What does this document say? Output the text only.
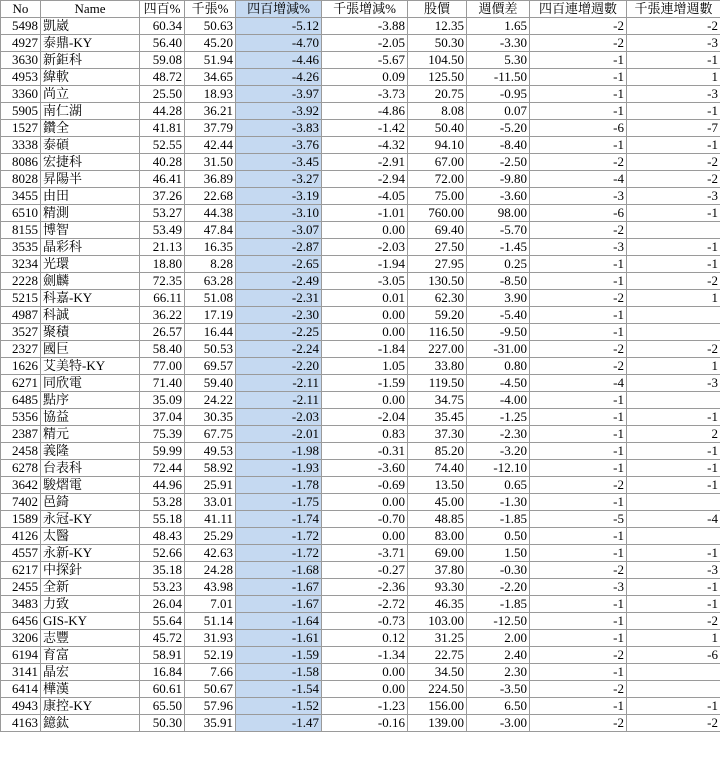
No	Name	四百%	千張%	四百增減%	千張增減%	股價	週價差	四百連增週數	千張連增週數
5498	凱崴	60.34	50.63	-5.12	-3.88	12.35	1.65	-2	-2
4927	泰鼎-KY	56.40	45.20	-4.70	-2.05	50.30	-3.30	-2	-3
3630	新鉅科	59.08	51.94	-4.46	-5.67	104.50	5.30	-1	-1
4953	緯軟	48.72	34.65	-4.26	0.09	125.50	-11.50	-1	1
3360	尚立	25.50	18.93	-3.97	-3.73	20.75	-0.95	-1	-3
5905	南仁湖	44.28	36.21	-3.92	-4.86	8.08	0.07	-1	-1
1527	鑽全	41.81	37.79	-3.83	-1.42	50.40	-5.20	-6	-7
3338	泰碩	52.55	42.44	-3.76	-4.32	94.10	-8.40	-1	-1
8086	宏捷科	40.28	31.50	-3.45	-2.91	67.00	-2.50	-2	-2
8028	昇陽半	46.41	36.89	-3.27	-2.94	72.00	-9.80	-4	-2
3455	由田	37.26	22.68	-3.19	-4.05	75.00	-3.60	-3	-3
6510	精測	53.27	44.38	-3.10	-1.01	760.00	98.00	-6	-1
8155	博智	53.49	47.84	-3.07	0.00	69.40	-5.70	-2	
3535	晶彩科	21.13	16.35	-2.87	-2.03	27.50	-1.45	-3	-1
3234	光環	18.80	8.28	-2.65	-1.94	27.95	0.25	-1	-1
2228	劍麟	72.35	63.28	-2.49	-3.05	130.50	-8.50	-1	-2
5215	科嘉-KY	66.11	51.08	-2.31	0.01	62.30	3.90	-2	1
4987	科誠	36.22	17.19	-2.30	0.00	59.20	-5.40	-1	
3527	聚積	26.57	16.44	-2.25	0.00	116.50	-9.50	-1	
2327	國巨	58.40	50.53	-2.24	-1.84	227.00	-31.00	-2	-2
1626	艾美特-KY	77.00	69.57	-2.20	1.05	33.80	0.80	-2	1
6271	同欣電	71.40	59.40	-2.11	-1.59	119.50	-4.50	-4	-3
6485	點序	35.09	24.22	-2.11	0.00	34.75	-4.00	-1	
5356	協益	37.04	30.35	-2.03	-2.04	35.45	-1.25	-1	-1
2387	精元	75.39	67.75	-2.01	0.83	37.30	-2.30	-1	2
2458	義隆	59.99	49.53	-1.98	-0.31	85.20	-3.20	-1	-1
6278	台表科	72.44	58.92	-1.93	-3.60	74.40	-12.10	-1	-1
3642	駿熠電	44.96	25.91	-1.78	-0.69	13.50	0.65	-2	-1
7402	邑錡	53.28	33.01	-1.75	0.00	45.00	-1.30	-1	
1589	永冠-KY	55.18	41.11	-1.74	-0.70	48.85	-1.85	-5	-4
4126	太醫	48.43	25.29	-1.72	0.00	83.00	0.50	-1	
4557	永新-KY	52.66	42.63	-1.72	-3.71	69.00	1.50	-1	-1
6217	中探針	35.18	24.28	-1.68	-0.27	37.80	-0.30	-2	-3
2455	全新	53.23	43.98	-1.67	-2.36	93.30	-2.20	-3	-1
3483	力致	26.04	7.01	-1.67	-2.72	46.35	-1.85	-1	-1
6456	GIS-KY	55.64	51.14	-1.64	-0.73	103.00	-12.50	-1	-2
3206	志豐	45.72	31.93	-1.61	0.12	31.25	2.00	-1	1
6194	育富	58.91	52.19	-1.59	-1.34	22.75	2.40	-2	-6
3141	晶宏	16.84	7.66	-1.58	0.00	34.50	2.30	-1	
6414	樺漢	60.61	50.67	-1.54	0.00	224.50	-3.50	-2	
4943	康控-KY	65.50	57.96	-1.52	-1.23	156.00	6.50	-1	-1
4163	鐿鈦	50.30	35.91	-1.47	-0.16	139.00	-3.00	-2	-2
